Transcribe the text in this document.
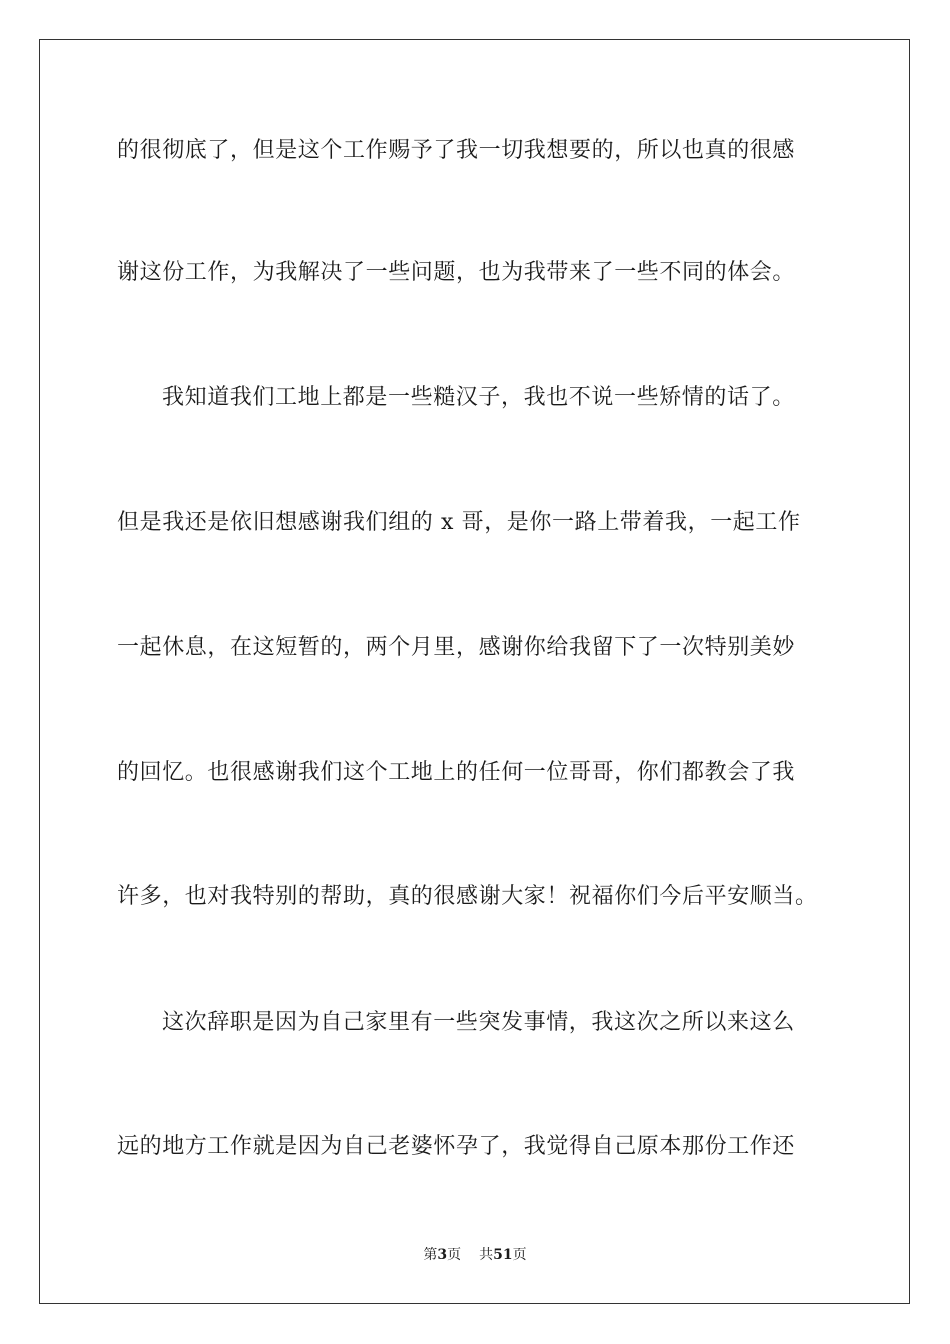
的很彻底了，但是这个工作赐予了我一切我想要的，所以也真的很感
谢这份工作，为我解决了一些问题，也为我带来了一些不同的体会。
我知道我们工地上都是一些糙汉子，我也不说一些矫情的话了。
但是我还是依旧想感谢我们组的 x 哥，是你一路上带着我，一起工作
一起休息，在这短暂的，两个月里，感谢你给我留下了一次特别美妙
的回忆。也很感谢我们这个工地上的任何一位哥哥，你们都教会了我
许多，也对我特别的帮助，真的很感谢大家！祝福你们今后平安顺当。
这次辞职是因为自己家里有一些突发事情，我这次之所以来这么
远的地方工作就是因为自己老婆怀孕了，我觉得自己原本那份工作还
第3页 共51页
